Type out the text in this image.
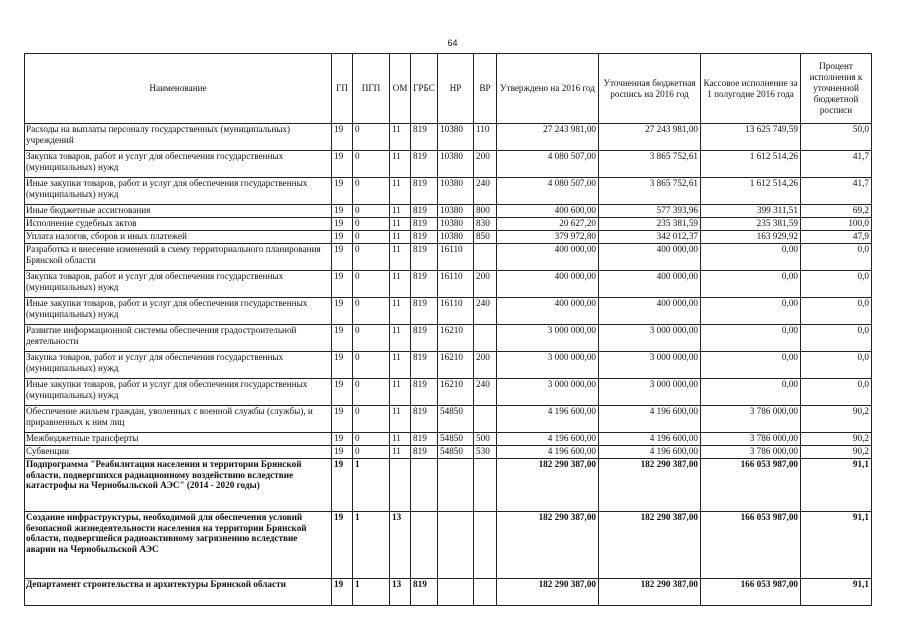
64
Наименование	ГП	ПГП	ОМ	ГРБС	НР	ВР	Утверждено на 2016 год	Уточненная бюджетная роспись на 2016 год	Кассовое исполнение за 1 полугодие 2016 года	Процент исполнения к уточненной бюджетной росписи
Расходы на выплаты персоналу государственных (муниципальных) учреждений	19	0	11	819	10380	110	27 243 981,00	27 243 981,00	13 625 749,59	50,0
Закупка товаров, работ и услуг для обеспечения государственных (муниципальных) нужд	19	0	11	819	10380	200	4 080 507,00	3 865 752,61	1 612 514,26	41,7
Иные закупки товаров, работ и услуг для обеспечения государственных (муниципальных) нужд	19	0	11	819	10380	240	4 080 507,00	3 865 752,61	1 612 514,26	41,7
Иные бюджетные ассигнования	19	0	11	819	10380	800	400 600,00	577 393,96	399 311,51	69,2
Исполнение судебных актов	19	0	11	819	10380	830	20 627,20	235 381,59	235 381,59	100,0
Уплата налогов, сборов и иных платежей	19	0	11	819	10380	850	379 972,80	342 012,37	163 929,92	47,9
Разработка и внесение изменений в схему территориального планирования Брянской области	19	0	11	819	16110		400 000,00	400 000,00	0,00	0,0
Закупка товаров, работ и услуг для обеспечения государственных (муниципальных) нужд	19	0	11	819	16110	200	400 000,00	400 000,00	0,00	0,0
Иные закупки товаров, работ и услуг для обеспечения государственных (муниципальных) нужд	19	0	11	819	16110	240	400 000,00	400 000,00	0,00	0,0
Развитие информационной системы обеспечения градостроительной деятельности	19	0	11	819	16210		3 000 000,00	3 000 000,00	0,00	0,0
Закупка товаров, работ и услуг для обеспечения государственных (муниципальных) нужд	19	0	11	819	16210	200	3 000 000,00	3 000 000,00	0,00	0,0
Иные закупки товаров, работ и услуг для обеспечения государственных (муниципальных) нужд	19	0	11	819	16210	240	3 000 000,00	3 000 000,00	0,00	0,0
Обеспечение жильем граждан, уволенных с военной службы (службы), и приравненных к ним лиц	19	0	11	819	54850		4 196 600,00	4 196 600,00	3 786 000,00	90,2
Межбюджетные трансферты	19	0	11	819	54850	500	4 196 600,00	4 196 600,00	3 786 000,00	90,2
Субвенции	19	0	11	819	54850	530	4 196 600,00	4 196 600,00	3 786 000,00	90,2
Подпрограмма "Реабилитация населения и территории Брянской области, подвергшихся радиационному воздействию вследствие катастрофы на Чернобыльской АЭС" (2014 - 2020 годы)	19	1					182 290 387,00	182 290 387,00	166 053 987,00	91,1
Создание инфраструктуры, необходимой для обеспечения условий безопасной жизнедеятельности населения на территории Брянской области, подвергшейся радиоактивному загрязнению вследствие аварии на Чернобыльской АЭС	19	1	13				182 290 387,00	182 290 387,00	166 053 987,00	91,1
Департамент строительства и архитектуры Брянской области	19	1	13	819			182 290 387,00	182 290 387,00	166 053 987,00	91,1
